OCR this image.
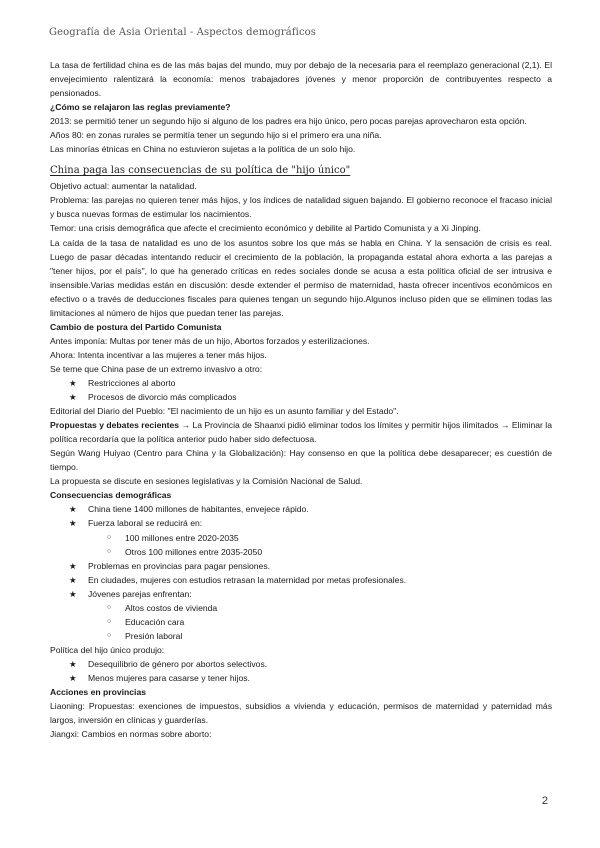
Geografía de Asia Oriental - Aspectos demográficos

La tasa de fertilidad china es de las más bajas del mundo, muy por debajo de la necesaria para el reemplazo generacional (2,1). El envejecimiento ralentizará la economía: menos trabajadores jóvenes y menor proporción de contribuyentes respecto a pensionados.

¿Cómo se relajaron las reglas previamente?

2013: se permitió tener un segundo hijo si alguno de los padres era hijo único, pero pocas parejas aprovecharon esta opción.

Años 80: en zonas rurales se permitía tener un segundo hijo si el primero era una niña.

Las minorías étnicas en China no estuvieron sujetas a la política de un solo hijo.

China paga las consecuencias de su política de "hijo único"

Objetivo actual: aumentar la natalidad.

Problema: las parejas no quieren tener más hijos, y los índices de natalidad siguen bajando. El gobierno reconoce el fracaso inicial y busca nuevas formas de estimular los nacimientos.

Temor: una crisis demográfica que afecte el crecimiento económico y debilite al Partido Comunista y a Xi Jinping.

La caída de la tasa de natalidad es uno de los asuntos sobre los que más se habla en China. Y la sensación de crisis es real. Luego de pasar décadas intentando reducir el crecimiento de la población, la propaganda estatal ahora exhorta a las parejas a "tener hijos, por el país", lo que ha generado críticas en redes sociales donde se acusa a esta política oficial de ser intrusiva e insensible.Varias medidas están en discusión: desde extender el permiso de maternidad, hasta ofrecer incentivos económicos en efectivo o a través de deducciones fiscales para quienes tengan un segundo hijo.Algunos incluso piden que se eliminen todas las limitaciones al número de hijos que puedan tener las parejas.

Cambio de postura del Partido Comunista

Antes imponía: Multas por tener más de un hijo, Abortos forzados y esterilizaciones.

Ahora: Intenta incentivar a las mujeres a tener más hijos.

Se teme que China pase de un extremo invasivo a otro:

★ Restricciones al aborto
★ Procesos de divorcio más complicados

Editorial del Diario del Pueblo: "El nacimiento de un hijo es un asunto familiar y del Estado".

Propuestas y debates recientes → La Provincia de Shaanxi pidió eliminar todos los límites y permitir hijos ilimitados → Eliminar la política recordaría que la política anterior pudo haber sido defectuosa.

Según Wang Huiyao (Centro para China y la Globalización): Hay consenso en que la política debe desaparecer; es cuestión de tiempo.

La propuesta se discute en sesiones legislativas y la Comisión Nacional de Salud.

Consecuencias demográficas

★ China tiene 1400 millones de habitantes, envejece rápido.
★ Fuerza laboral se reducirá en:
○ 100 millones entre 2020-2035
○ Otros 100 millones entre 2035-2050
★ Problemas en provincias para pagar pensiones.
★ En ciudades, mujeres con estudios retrasan la maternidad por metas profesionales.
★ Jóvenes parejas enfrentan:
○ Altos costos de vivienda
○ Educación cara
○ Presión laboral

Política del hijo único produjo:

★ Desequilibrio de género por abortos selectivos.
★ Menos mujeres para casarse y tener hijos.

Acciones en provincias

Liaoning: Propuestas: exenciones de impuestos, subsidios a vivienda y educación, permisos de maternidad y paternidad más largos, inversión en clínicas y guarderías.

Jiangxi: Cambios en normas sobre aborto:

2
